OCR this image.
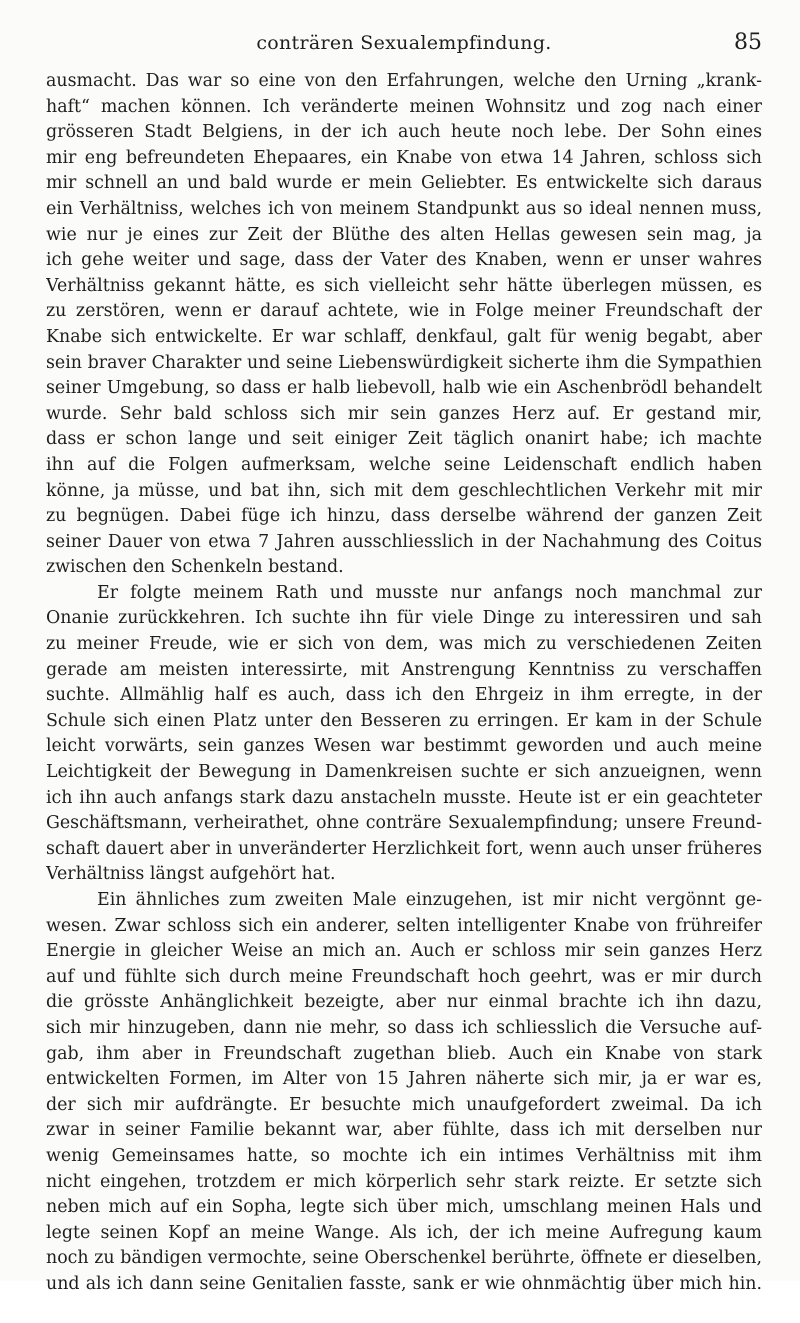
conträren Sexualempfindung.	85
ausmacht. Das war so eine von den Erfahrungen, welche den Urning „krank-
haft“ machen können. Ich veränderte meinen Wohnsitz und zog nach einer
grösseren Stadt Belgiens, in der ich auch heute noch lebe. Der Sohn eines
mir eng befreundeten Ehepaares, ein Knabe von etwa 14 Jahren, schloss sich
mir schnell an und bald wurde er mein Geliebter. Es entwickelte sich daraus
ein Verhältniss, welches ich von meinem Standpunkt aus so ideal nennen muss,
wie nur je eines zur Zeit der Blüthe des alten Hellas gewesen sein mag, ja
ich gehe weiter und sage, dass der Vater des Knaben, wenn er unser wahres
Verhältniss gekannt hätte, es sich vielleicht sehr hätte überlegen müssen, es
zu zerstören, wenn er darauf achtete, wie in Folge meiner Freundschaft der
Knabe sich entwickelte. Er war schlaff, denkfaul, galt für wenig begabt, aber
sein braver Charakter und seine Liebenswürdigkeit sicherte ihm die Sympathien
seiner Umgebung, so dass er halb liebevoll, halb wie ein Aschenbrödl behandelt
wurde. Sehr bald schloss sich mir sein ganzes Herz auf. Er gestand mir,
dass er schon lange und seit einiger Zeit täglich onanirt habe; ich machte
ihn auf die Folgen aufmerksam, welche seine Leidenschaft endlich haben
könne, ja müsse, und bat ihn, sich mit dem geschlechtlichen Verkehr mit mir
zu begnügen. Dabei füge ich hinzu, dass derselbe während der ganzen Zeit
seiner Dauer von etwa 7 Jahren ausschliesslich in der Nachahmung des Coitus
zwischen den Schenkeln bestand.
Er folgte meinem Rath und musste nur anfangs noch manchmal zur
Onanie zurückkehren. Ich suchte ihn für viele Dinge zu interessiren und sah
zu meiner Freude, wie er sich von dem, was mich zu verschiedenen Zeiten
gerade am meisten interessirte, mit Anstrengung Kenntniss zu verschaffen
suchte. Allmählig half es auch, dass ich den Ehrgeiz in ihm erregte, in der
Schule sich einen Platz unter den Besseren zu erringen. Er kam in der Schule
leicht vorwärts, sein ganzes Wesen war bestimmt geworden und auch meine
Leichtigkeit der Bewegung in Damenkreisen suchte er sich anzueignen, wenn
ich ihn auch anfangs stark dazu anstacheln musste. Heute ist er ein geachteter
Geschäftsmann, verheirathet, ohne conträre Sexualempfindung; unsere Freund-
schaft dauert aber in unveränderter Herzlichkeit fort, wenn auch unser früheres
Verhältniss längst aufgehört hat.
Ein ähnliches zum zweiten Male einzugehen, ist mir nicht vergönnt ge-
wesen. Zwar schloss sich ein anderer, selten intelligenter Knabe von frühreifer
Energie in gleicher Weise an mich an. Auch er schloss mir sein ganzes Herz
auf und fühlte sich durch meine Freundschaft hoch geehrt, was er mir durch
die grösste Anhänglichkeit bezeigte, aber nur einmal brachte ich ihn dazu,
sich mir hinzugeben, dann nie mehr, so dass ich schliesslich die Versuche auf-
gab, ihm aber in Freundschaft zugethan blieb. Auch ein Knabe von stark
entwickelten Formen, im Alter von 15 Jahren näherte sich mir, ja er war es,
der sich mir aufdrängte. Er besuchte mich unaufgefordert zweimal. Da ich
zwar in seiner Familie bekannt war, aber fühlte, dass ich mit derselben nur
wenig Gemeinsames hatte, so mochte ich ein intimes Verhältniss mit ihm
nicht eingehen, trotzdem er mich körperlich sehr stark reizte. Er setzte sich
neben mich auf ein Sopha, legte sich über mich, umschlang meinen Hals und
legte seinen Kopf an meine Wange. Als ich, der ich meine Aufregung kaum
noch zu bändigen vermochte, seine Oberschenkel berührte, öffnete er dieselben,
und als ich dann seine Genitalien fasste, sank er wie ohnmächtig über mich hin.
